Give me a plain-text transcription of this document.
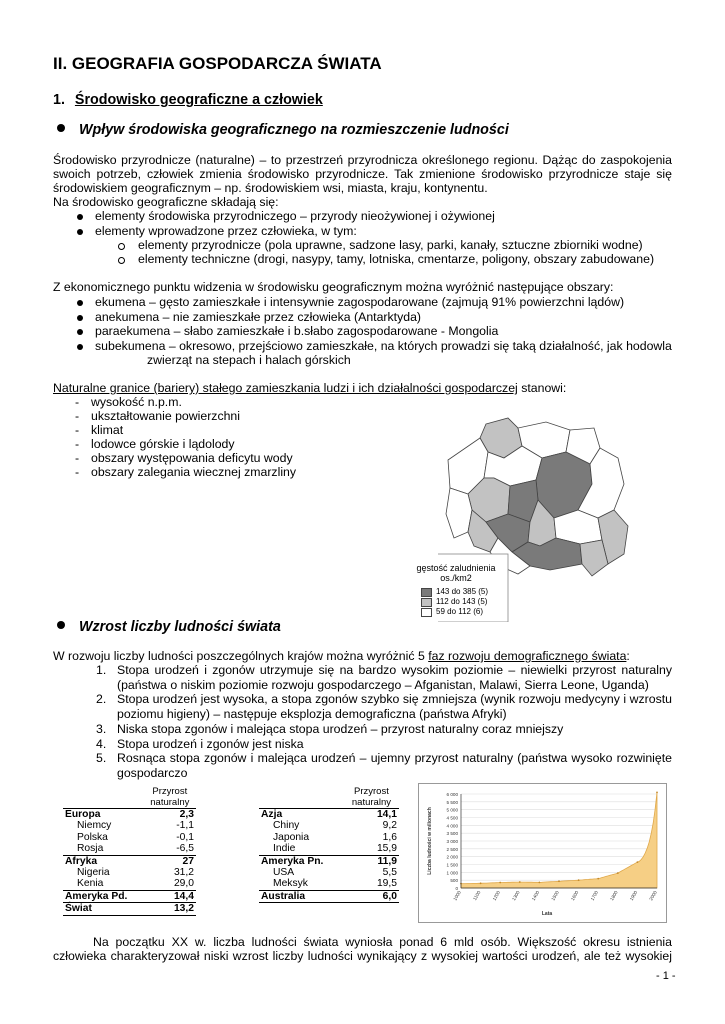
II. GEOGRAFIA GOSPODARCZA ŚWIATA
1. Środowisko geograficzne a człowiek
Wpływ środowiska geograficznego na rozmieszczenie ludności
Środowisko przyrodnicze (naturalne) – to przestrzeń przyrodnicza określonego regionu. Dążąc do zaspokojenia
swoich potrzeb, człowiek zmienia środowisko przyrodnicze. Tak zmienione środowisko przyrodnicze staje się
środowiskiem geograficznym – np. środowiskiem wsi, miasta, kraju, kontynentu.
Na środowisko geograficzne składają się:
elementy środowiska przyrodniczego – przyrody nieożywionej i ożywionej
elementy wprowadzone przez człowieka, w tym:
elementy przyrodnicze (pola uprawne, sadzone lasy, parki, kanały, sztuczne zbiorniki wodne)
elementy techniczne (drogi, nasypy, tamy, lotniska, cmentarze, poligony, obszary zabudowane)
Z ekonomicznego punktu widzenia w środowisku geograficznym można wyróżnić następujące obszary:
ekumena – gęsto zamieszkałe i intensywnie zagospodarowane (zajmują 91% powierzchni lądów)
anekumena – nie zamieszkałe przez człowieka (Antarktyda)
paraekumena – słabo zamieszkałe i b.słabo zagospodarowane - Mongolia
subekumena – okresowo, przejściowo zamieszkałe, na których prowadzi się taką działalność, jak hodowla
zwierząt na stepach i halach górskich
Naturalne granice (bariery) stałego zamieszkania ludzi i ich działalności gospodarczej stanowi:
- wysokość n.p.m.
- ukształtowanie powierzchni
- klimat
- lodowce górskie i lądolody
- obszary występowania deficytu wody
- obszary zalegania wiecznej zmarzliny
gęstość zaludnienia
os./km2
143 do 385 (5)
112 do 143 (5)
59 do 112 (6)
Wzrost liczby ludności świata
W rozwoju liczby ludności poszczególnych krajów można wyróżnić 5 faz rozwoju demograficznego świata:
1. Stopa urodzeń i zgonów utrzymuje się na bardzo wysokim poziomie – niewielki przyrost naturalny
(państwa o niskim poziomie rozwoju gospodarczego – Afganistan, Malawi, Sierra Leone, Uganda)
2. Stopa urodzeń jest wysoka, a stopa zgonów szybko się zmniejsza (wynik rozwoju medycyny i wzrostu
poziomu higieny) – następuje eksplozja demograficzna (państwa Afryki)
3. Niska stopa zgonów i malejąca stopa urodzeń – przyrost naturalny coraz mniejszy
4. Stopa urodzeń i zgonów jest niska
5. Rosnąca stopa zgonów i malejąca urodzeń – ujemny przyrost naturalny (państwa wysoko rozwinięte
gospodarczo
	Przyrost
	naturalny
Europa	2,3
Niemcy	-1,1
Polska	-0,1
Rosja	-6,5
Afryka	27
Nigeria	31,2
Kenia	29,0
Ameryka Pd.	14,4
Świat	13,2
	Przyrost
	naturalny
Azja	14,1
Chiny	9,2
Japonia	1,6
Indie	15,9
Ameryka Pn.	11,9
USA	5,5
Meksyk	19,5
Australia	6,0
0
500
1 000
1 500
2 000
2 500
3 000
3 500
4 000
4 500
5 000
5 500
6 000
1000 1100 1200 1300 1400 1500 1600 1700 1800 1900 2000
Lata
Liczba ludności w milionach
Na początku XX w. liczba ludności świata wyniosła ponad 6 mld osób. Większość okresu istnienia
człowieka charakteryzował niski wzrost liczby ludności wynikający z wysokiej wartości urodzeń, ale też wysokiej
- 1 -
